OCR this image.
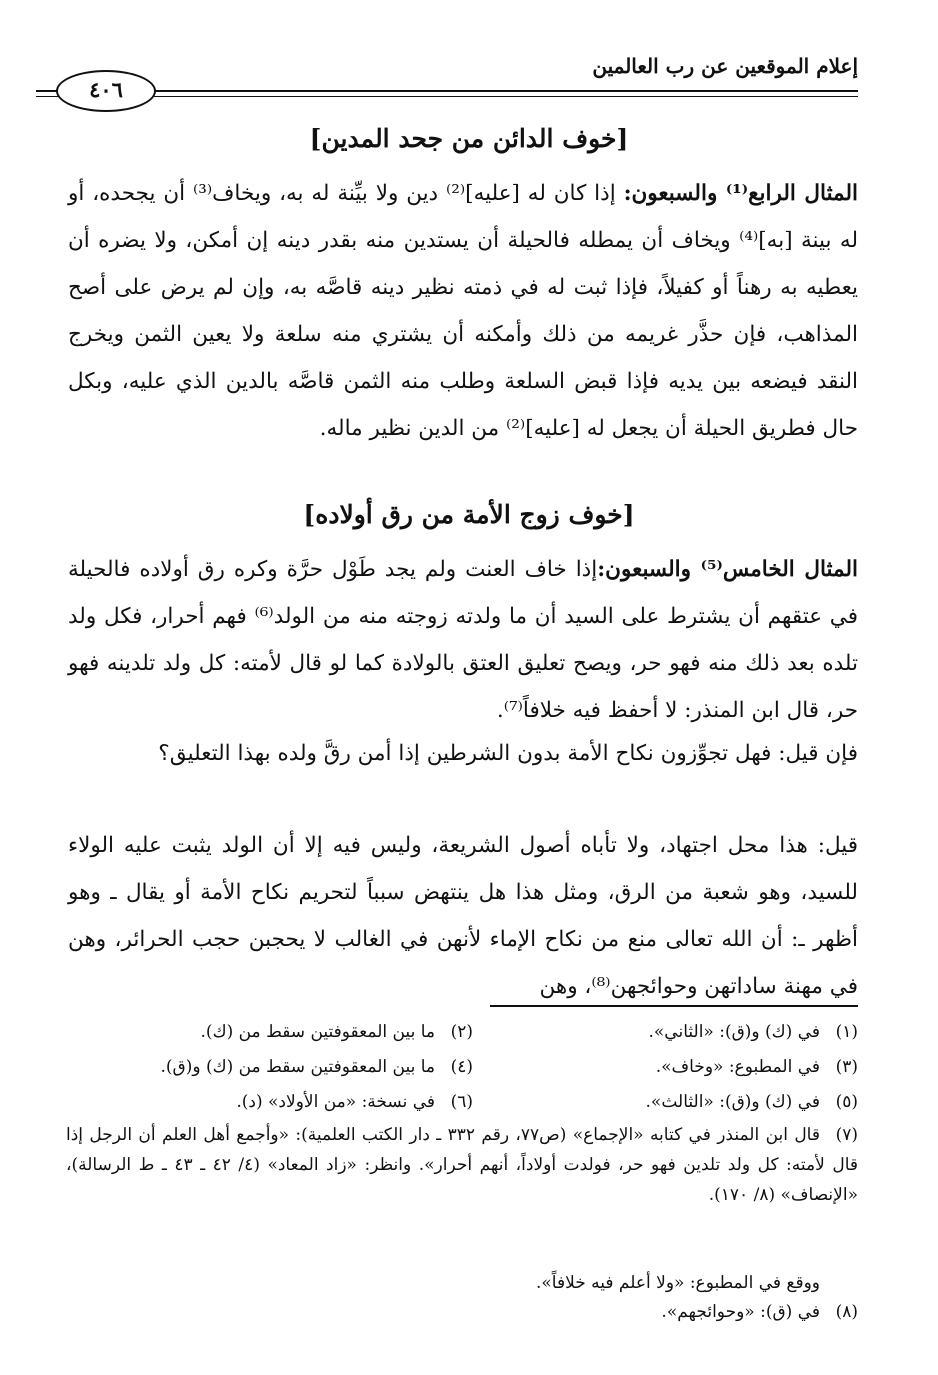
إعلام الموقعين عن رب العالمين
٤٠٦
[خوف الدائن من جحد المدين]
المثال الرابع⁽¹⁾ والسبعون: إذا كان له [عليه]⁽²⁾ دين ولا بيِّنة له به، ويخاف⁽³⁾ أن يجحده، أو له بينة [به]⁽⁴⁾ ويخاف أن يمطله فالحيلة أن يستدين منه بقدر دينه إن أمكن، ولا يضره أن يعطيه به رهناً أو كفيلاً، فإذا ثبت له في ذمته نظير دينه قاصَّه به، وإن لم يرض على أصح المذاهب، فإن حذَّر غريمه من ذلك وأمكنه أن يشتري منه سلعة ولا يعين الثمن ويخرج النقد فيضعه بين يديه فإذا قبض السلعة وطلب منه الثمن قاصَّه بالدين الذي عليه، وبكل حال فطريق الحيلة أن يجعل له [عليه]⁽²⁾ من الدين نظير ماله.
[خوف زوج الأمة من رق أولاده]
المثال الخامس⁽⁵⁾ والسبعون:إذا خاف العنت ولم يجد طَوْل حرَّة وكره رق أولاده فالحيلة في عتقهم أن يشترط على السيد أن ما ولدته زوجته منه من الولد⁽⁶⁾ فهم أحرار، فكل ولد تلده بعد ذلك منه فهو حر، ويصح تعليق العتق بالولادة كما لو قال لأمته: كل ولد تلدينه فهو حر، قال ابن المنذر: لا أحفظ فيه خلافاً⁽⁷⁾.
فإن قيل: فهل تجوِّزون نكاح الأمة بدون الشرطين إذا أمن رقَّ ولده بهذا التعليق؟
قيل: هذا محل اجتهاد، ولا تأباه أصول الشريعة، وليس فيه إلا أن الولد يثبت عليه الولاء للسيد، وهو شعبة من الرق، ومثل هذا هل ينتهض سبباً لتحريم نكاح الأمة أو يقال ـ وهو أظهر ـ: أن الله تعالى منع من نكاح الإماء لأنهن في الغالب لا يحجبن حجب الحرائر، وهن في مهنة ساداتهن وحوائجهن⁽⁸⁾، وهن
(١)في (ك) و(ق): «الثاني».
(٢)ما بين المعقوفتين سقط من (ك).
(٣)في المطبوع: «وخاف».
(٤)ما بين المعقوفتين سقط من (ك) و(ق).
(٥)في (ك) و(ق): «الثالث».
(٦)في نسخة: «من الأولاد» (د).
(٧)قال ابن المنذر في كتابه «الإجماع» (ص٧٧، رقم ٣٣٢ ـ دار الكتب العلمية): «وأجمع أهل العلم أن الرجل إذا قال لأمته: كل ولد تلدين فهو حر، فولدت أولاداً، أنهم أحرار». وانظر: «زاد المعاد» (٤/ ٤٢ ـ ٤٣ ـ ط الرسالة)، «الإنصاف» (٨/ ١٧٠).
ووقع في المطبوع: «ولا أعلم فيه خلافاً».
(٨)في (ق): «وحوائجهم».
